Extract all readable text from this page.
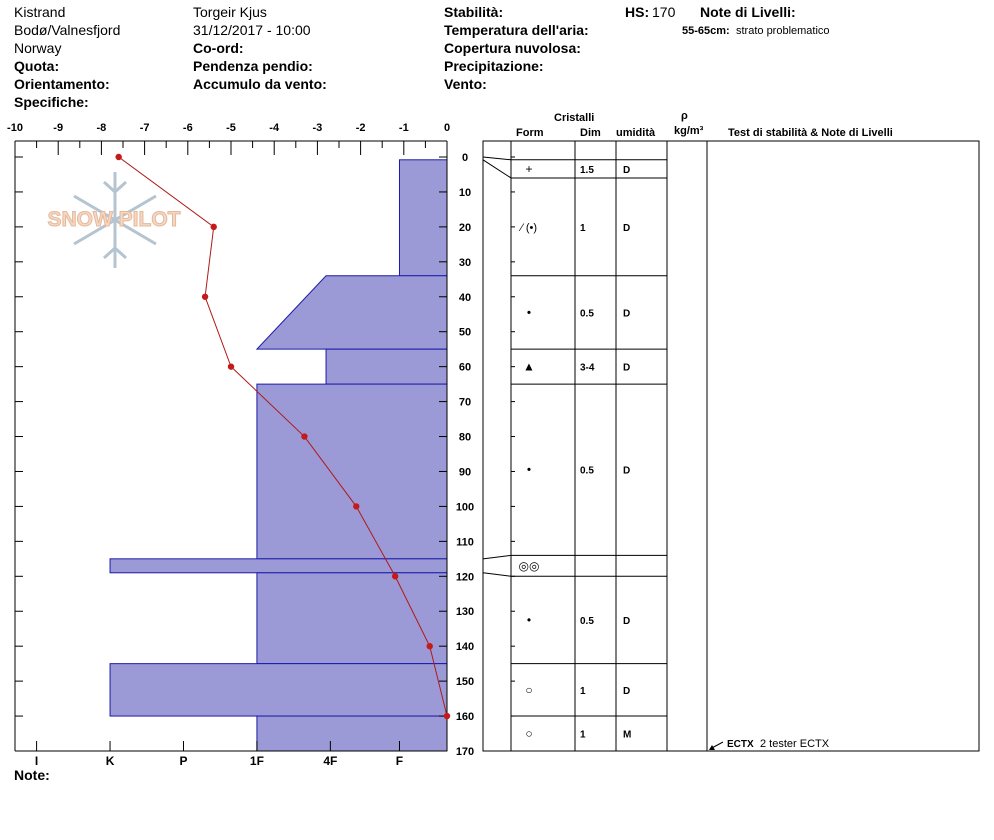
Kistrand
Bodø/Valnesfjord
Norway
Quota:
Orientamento:
Specifiche:
Torgeir Kjus
31/12/2017 - 10:00
Co-ord:
Pendenza pendio:
Accumulo da vento:
Stabilità:
Temperatura dell'aria:
Copertura nuvolosa:
Precipitazione:
Vento:
HS: 170 Note di Livelli:
55-65cm: strato problematico
Cristalli
Form	Dim umidità
ρ
kg/m³ Test di stabilità & Note di Livelli
Note:
SNOW PILOT
-10	-9	-8	-7	-6	-5	-4	-3	-2	-1	0
0
10
20
30
40
50
60
70
80
90
100
110
120
130
140
150
160
170
I	K	P	1F	4F	F
+	1.5	D
⁄ (•)	1	D
•	0.5	D
▲	3-4	D
•	0.5	D
◎◎
•	0.5	D
○	1	D
○	1	M
ECTX 2 tester ECTX
